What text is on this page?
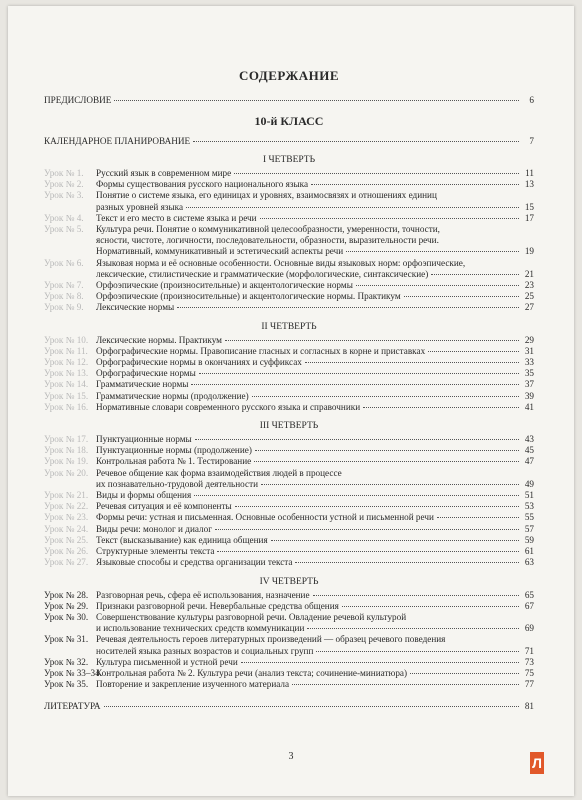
СОДЕРЖАНИЕ
ПРЕДИСЛОВИЕ	6
10-й КЛАСС
КАЛЕНДАРНОЕ ПЛАНИРОВАНИЕ	7
I ЧЕТВЕРТЬ
Урок № 1.	Русский язык в современном мире	11
Урок № 2.	Формы существования русского национального языка	13
Урок № 3.	Понятие о системе языка, его единицах и уровнях, взаимосвязях и отношениях единиц
разных уровней языка	15
Урок № 4.	Текст и его место в системе языка и речи	17
Урок № 5.	Культура речи. Понятие о коммуникативной целесообразности, умеренности, точности,
ясности, чистоте, логичности, последовательности, образности, выразительности речи.
Нормативный, коммуникативный и эстетический аспекты речи	19
Урок № 6.	Языковая норма и её основные особенности. Основные виды языковых норм: орфоэпические,
лексические, стилистические и грамматические (морфологические, синтаксические)	21
Урок № 7.	Орфоэпические (произносительные) и акцентологические нормы	23
Урок № 8.	Орфоэпические (произносительные) и акцентологические нормы. Практикум	25
Урок № 9.	Лексические нормы	27
II ЧЕТВЕРТЬ
Урок № 10. Лексические нормы. Практикум	29
Урок № 11. Орфографические нормы. Правописание гласных и согласных в корне и приставках	31
Урок № 12. Орфографические нормы в окончаниях и суффиксах	33
Урок № 13. Орфографические нормы	35
Урок № 14. Грамматические нормы	37
Урок № 15. Грамматические нормы (продолжение)	39
Урок № 16. Нормативные словари современного русского языка и справочники	41
III ЧЕТВЕРТЬ
Урок № 17. Пунктуационные нормы	43
Урок № 18. Пунктуационные нормы (продолжение)	45
Урок № 19. Контрольная работа № 1. Тестирование	47
Урок № 20. Речевое общение как форма взаимодействия людей в процессе
их познавательно-трудовой деятельности	49
Урок № 21. Виды и формы общения	51
Урок № 22. Речевая ситуация и её компоненты	53
Урок № 23. Формы речи: устная и письменная. Основные особенности устной и письменной речи	55
Урок № 24. Виды речи: монолог и диалог	57
Урок № 25. Текст (высказывание) как единица общения	59
Урок № 26. Структурные элементы текста	61
Урок № 27. Языковые способы и средства организации текста	63
IV ЧЕТВЕРТЬ
Урок № 28. Разговорная речь, сфера её использования, назначение	65
Урок № 29. Признаки разговорной речи. Невербальные средства общения	67
Урок № 30. Совершенствование культуры разговорной речи. Овладение речевой культурой
и использование технических средств коммуникации	69
Урок № 31. Речевая деятельность героев литературных произведений — образец речевого поведения
носителей языка разных возрастов и социальных групп	71
Урок № 32. Культура письменной и устной речи	73
Урок № 33–34.
Контрольная работа № 2. Культура речи (анализ текста; сочинение-миниатюра)	75
Урок № 35. Повторение и закрепление изученного материала	77
ЛИТЕРАТУРА	81
3	Л
